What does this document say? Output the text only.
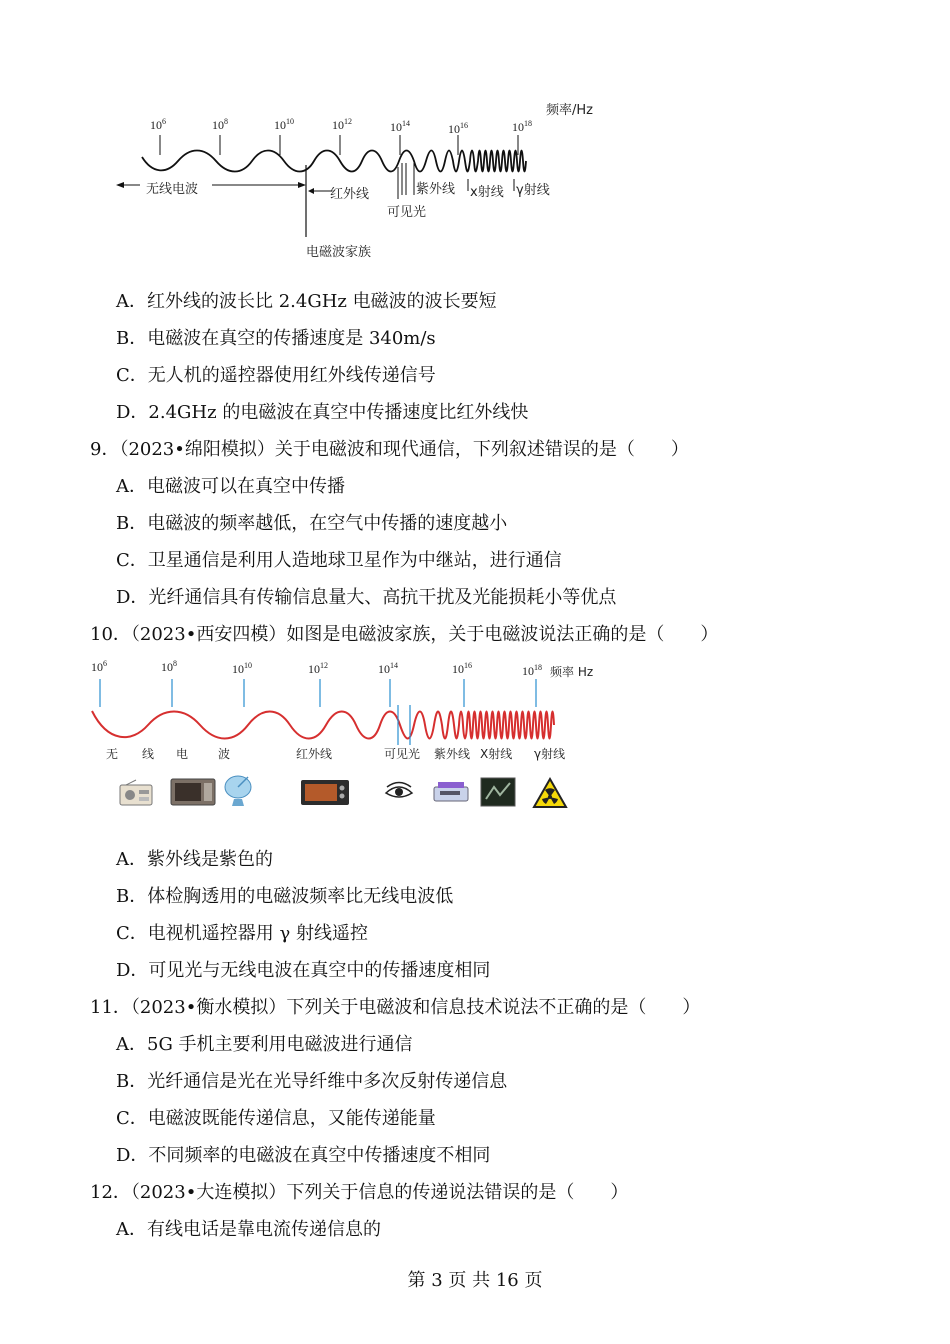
$10^6$	$10^8$	$10^{10}$	$10^{12}$	$10^{14}$	$10^{16}$	$10^{18}$
频率/Hz
无线电波	红外线
可见光
紫外线 x射线 γ射线
电磁波家族
A．红外线的波长比 2.4GHz 电磁波的波长要短
B．电磁波在真空的传播速度是 340m/s
C．无人机的遥控器使用红外线传递信号
D．2.4GHz 的电磁波在真空中传播速度比红外线快
9．（2023•绵阳模拟）关于电磁波和现代通信，下列叙述错误的是（　　）
A．电磁波可以在真空中传播
B．电磁波的频率越低，在空气中传播的速度越小
C．卫星通信是利用人造地球卫星作为中继站，进行通信
D．光纤通信具有传输信息量大、高抗干扰及光能损耗小等优点
10．（2023•西安四模）如图是电磁波家族，关于电磁波说法正确的是（　　）
$10^6$	$10^8$	$10^{10}$	$10^{12}$	$10^{14}$	$10^{16}$	$10^{18}$ 频率 Hz
无 线 电 波	红外线	可见光 紫外线 X射线 γ射线
A．紫外线是紫色的
B．体检胸透用的电磁波频率比无线电波低
C．电视机遥控器用 γ 射线遥控
D．可见光与无线电波在真空中的传播速度相同
11．（2023•衡水模拟）下列关于电磁波和信息技术说法不正确的是（　　）
A．5G 手机主要利用电磁波进行通信
B．光纤通信是光在光导纤维中多次反射传递信息
C．电磁波既能传递信息，又能传递能量
D．不同频率的电磁波在真空中传播速度不相同
12．（2023•大连模拟）下列关于信息的传递说法错误的是（　　）
A．有线电话是靠电流传递信息的
第 3 页 共 16 页
